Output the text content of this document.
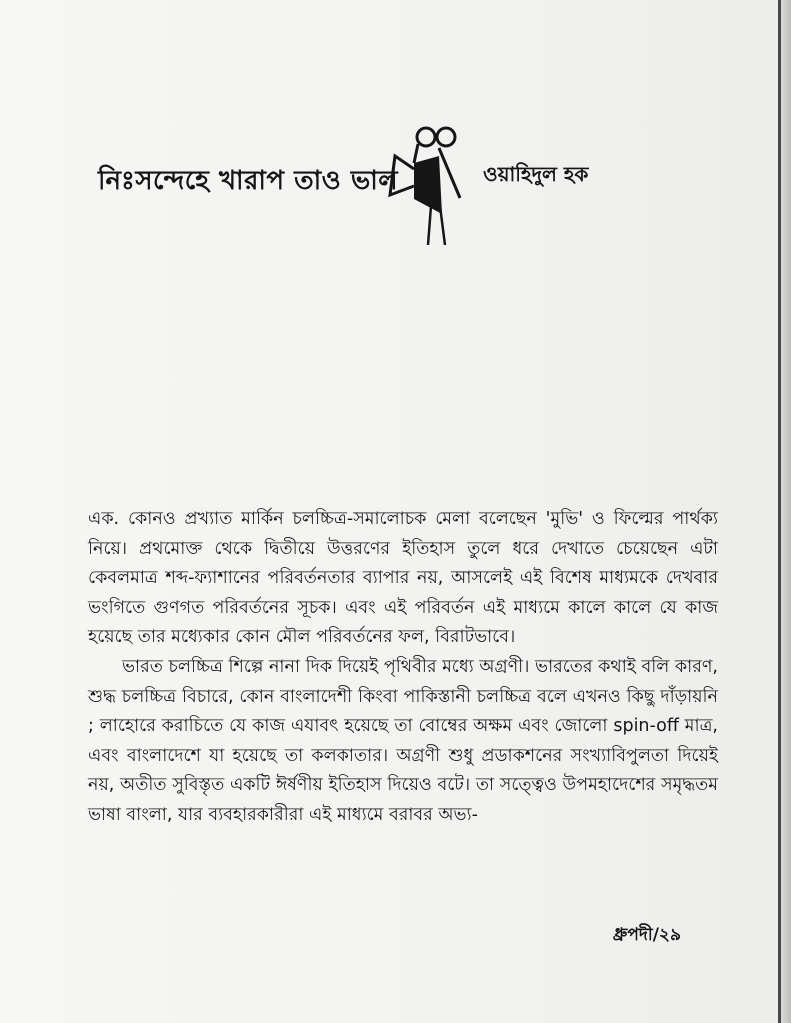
নিঃসন্দেহে খারাপ তাও ভাল	ওয়াহিদুল হক

এক. কোনও প্রখ্যাত মার্কিন চলচ্চিত্র-সমালোচক মেলা বলেছেন 'মুভি' ও ফিল্মের পার্থক্য নিয়ে। প্রথমোক্ত থেকে দ্বিতীয়ে উত্তরণের ইতিহাস তুলে ধরে দেখাতে চেয়েছেন এটা কেবলমাত্র শব্দ-ফ্যাশানের পরিবর্তনতার ব্যাপার নয়, আসলেই এই বিশেষ মাধ্যমকে দেখবার ভংগিতে গুণগত পরিবর্তনের সূচক। এবং এই পরিবর্তন এই মাধ্যমে কালে কালে যে কাজ হয়েছে তার মধ্যেকার কোন মৌল পরিবর্তনের ফল, বিরাটভাবে।

ভারত চলচ্চিত্র শিল্পে নানা দিক দিয়েই পৃথিবীর মধ্যে অগ্রণী। ভারতের কথাই বলি কারণ, শুদ্ধ চলচ্চিত্র বিচারে, কোন বাংলাদেশী কিংবা পাকিস্তানী চলচ্চিত্র বলে এখনও কিছু দাঁড়ায়নি ; লাহোরে করাচিতে যে কাজ এযাবৎ হয়েছে তা বোম্বের অক্ষম এবং জোলো spin-off মাত্র, এবং বাংলাদেশে যা হয়েছে তা কলকাতার। অগ্রণী শুধু প্রডাকশনের সংখ্যাবিপুলতা দিয়েই নয়, অতীত সুবিস্তৃত একটি ঈর্ষণীয় ইতিহাস দিয়েও বটে। তা সত্ত্বেও উপমহাদেশের সমৃদ্ধতম ভাষা বাংলা, যার ব্যবহারকারীরা এই মাধ্যমে বরাবর অভ্য-

ধ্রুপদী/২৯
